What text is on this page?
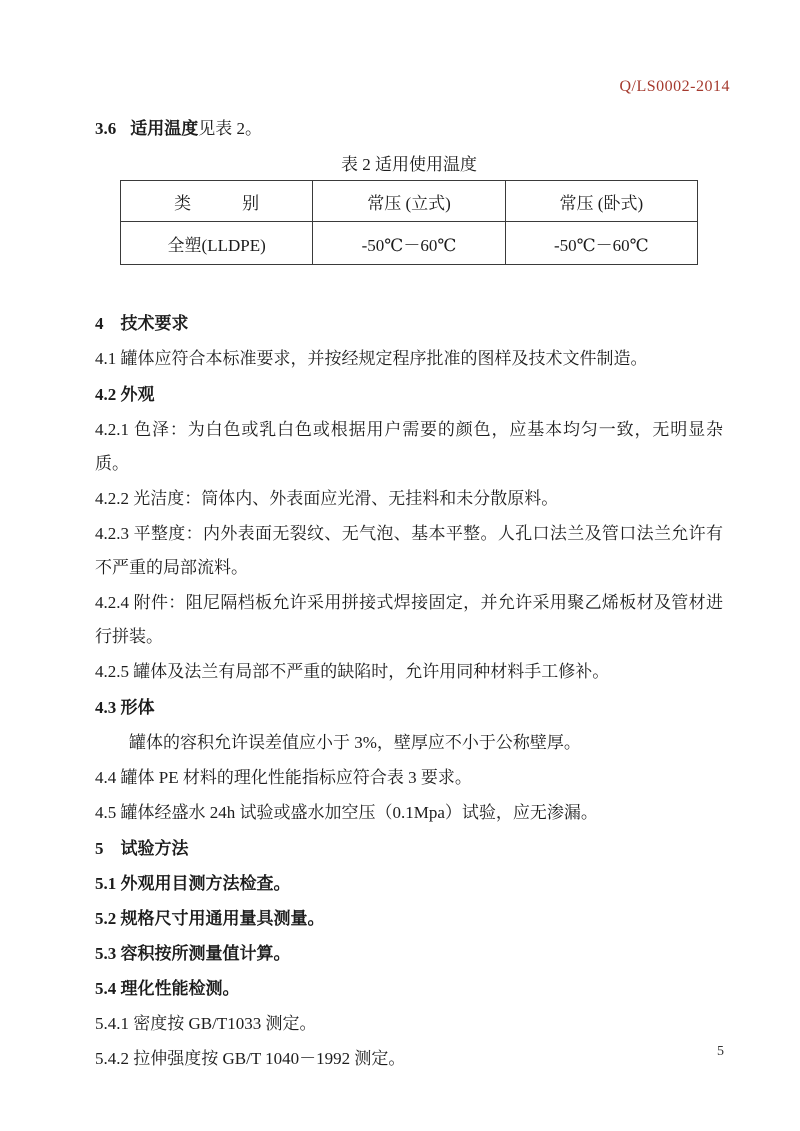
Q/LS0002-2014

3.6 适用温度见表 2。

表 2 适用使用温度
类　　　别	常压 (立式)	常压 (卧式)
全塑(LLDPE)	-50℃－60℃	-50℃－60℃

4　技术要求

4.1 罐体应符合本标准要求，并按经规定程序批准的图样及技术文件制造。

4.2 外观

4.2.1 色泽：为白色或乳白色或根据用户需要的颜色，应基本均匀一致，无明显杂质。

4.2.2 光洁度：筒体内、外表面应光滑、无挂料和未分散原料。

4.2.3 平整度：内外表面无裂纹、无气泡、基本平整。人孔口法兰及管口法兰允许有不严重的局部流料。

4.2.4 附件：阻尼隔档板允许采用拼接式焊接固定，并允许采用聚乙烯板材及管材进行拼装。

4.2.5 罐体及法兰有局部不严重的缺陷时，允许用同种材料手工修补。

4.3 形体

罐体的容积允许误差值应小于 3%，壁厚应不小于公称壁厚。

4.4 罐体 PE 材料的理化性能指标应符合表 3 要求。

4.5 罐体经盛水 24h 试验或盛水加空压（0.1Mpa）试验，应无渗漏。

5　试验方法

5.1 外观用目测方法检查。

5.2 规格尺寸用通用量具测量。

5.3 容积按所测量值计算。

5.4 理化性能检测。

5.4.1 密度按 GB/T1033 测定。

5.4.2 拉伸强度按 GB/T 1040－1992 测定。	5
